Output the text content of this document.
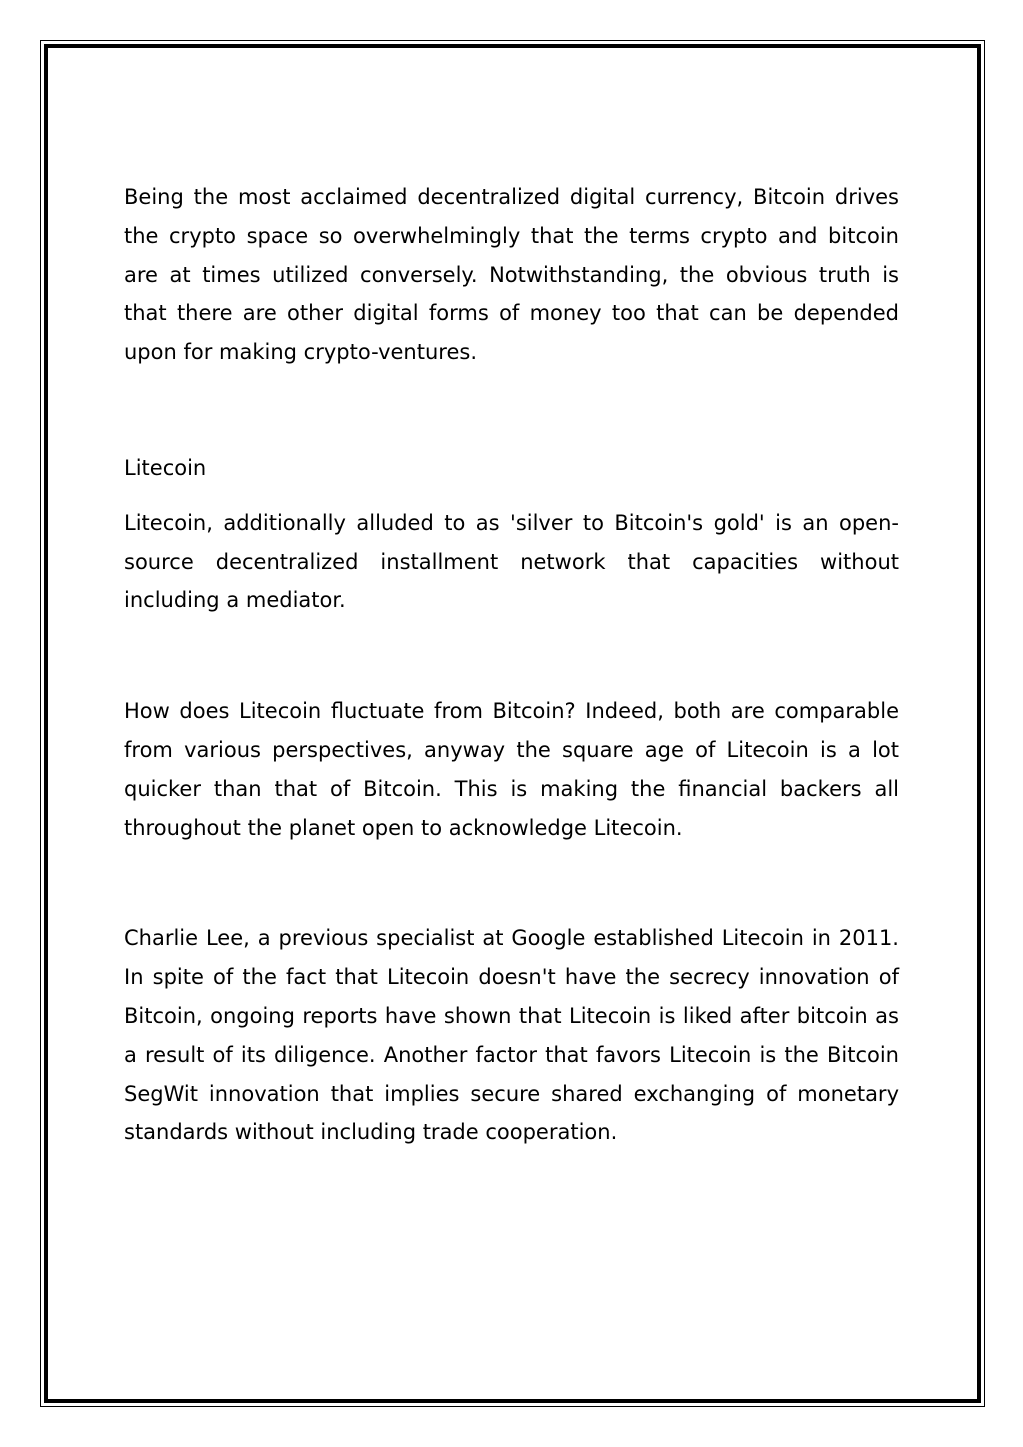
Being the most acclaimed decentralized digital currency, Bitcoin drives the crypto space so overwhelmingly that the terms crypto and bitcoin are at times utilized conversely. Notwithstanding, the obvious truth is that there are other digital forms of money too that can be depended upon for making crypto-ventures.

Litecoin

Litecoin, additionally alluded to as 'silver to Bitcoin's gold' is an open-source decentralized installment network that capacities without including a mediator.

How does Litecoin fluctuate from Bitcoin? Indeed, both are comparable from various perspectives, anyway the square age of Litecoin is a lot quicker than that of Bitcoin. This is making the financial backers all throughout the planet open to acknowledge Litecoin.

Charlie Lee, a previous specialist at Google established Litecoin in 2011. In spite of the fact that Litecoin doesn't have the secrecy innovation of Bitcoin, ongoing reports have shown that Litecoin is liked after bitcoin as a result of its diligence. Another factor that favors Litecoin is the Bitcoin SegWit innovation that implies secure shared exchanging of monetary standards without including trade cooperation.
